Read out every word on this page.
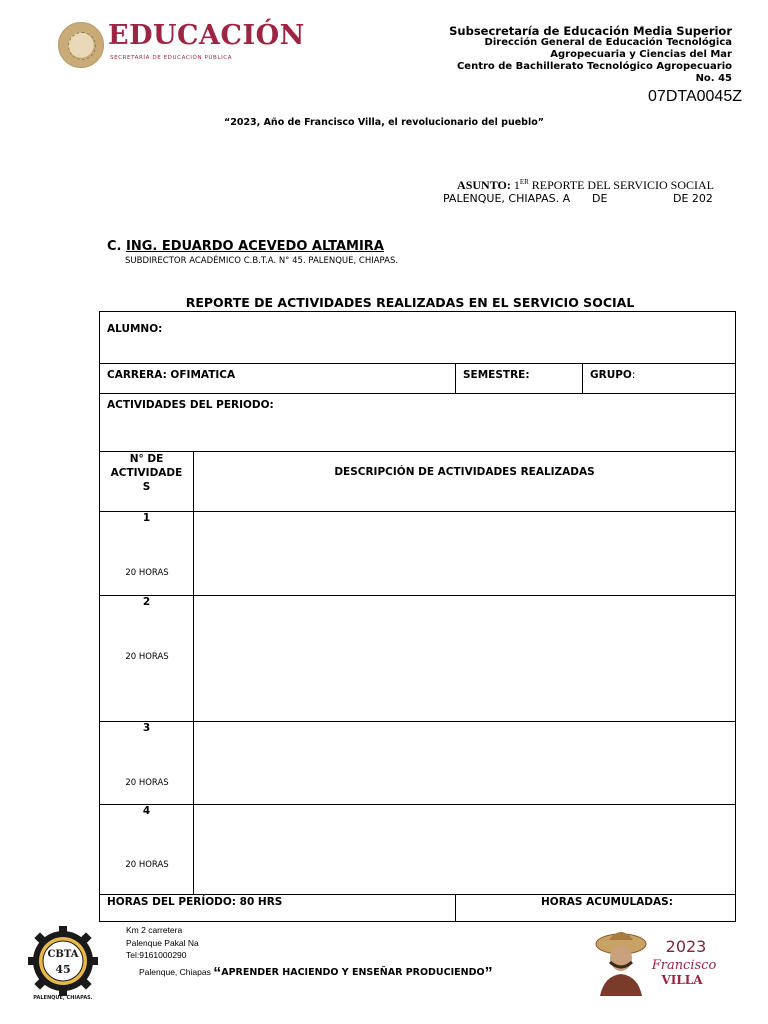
EDUCACIÓN
SECRETARÍA DE EDUCACIÓN PÚBLICA
Subsecretaría de Educación Media Superior
Dirección General de Educación Tecnológica
Agropecuaria y Ciencias del Mar
Centro de Bachillerato Tecnológico Agropecuario
No. 45
07DTA0045Z
“2023, Año de Francisco Villa, el revolucionario del pueblo”
ASUNTO: 1ER REPORTE DEL SERVICIO SOCIAL
PALENQUE, CHIAPAS. A DE	DE 202
C. ING. EDUARDO ACEVEDO ALTAMIRA
SUBDIRECTOR ACADÉMICO C.B.T.A. N° 45. PALENQUE, CHIAPAS.
REPORTE DE ACTIVIDADES REALIZADAS EN EL SERVICIO SOCIAL
ALUMNO:			
CARRERA: OFIMATICA		SEMESTRE:	GRUPO:
ACTIVIDADES DEL PERIODO:			

N° DE
ACTIVIDADE
S	DESCRIPCIÓN DE ACTIVIDADES REALIZADAS		
1
20 HORAS			

2
20 HORAS			

3
20 HORAS			

4
20 HORAS			

HORAS DEL PERÍODO: 80 HRS		HORAS ACUMULADAS:	
CBTA
45
PALENQUE, CHIAPAS.
Km 2 carretera
Palenque Pakal Na
Tel:9161000290
Palenque, Chiapas “APRENDER HACIENDO Y ENSEÑAR PRODUCIENDO”
2023
Francisco
VILLA
